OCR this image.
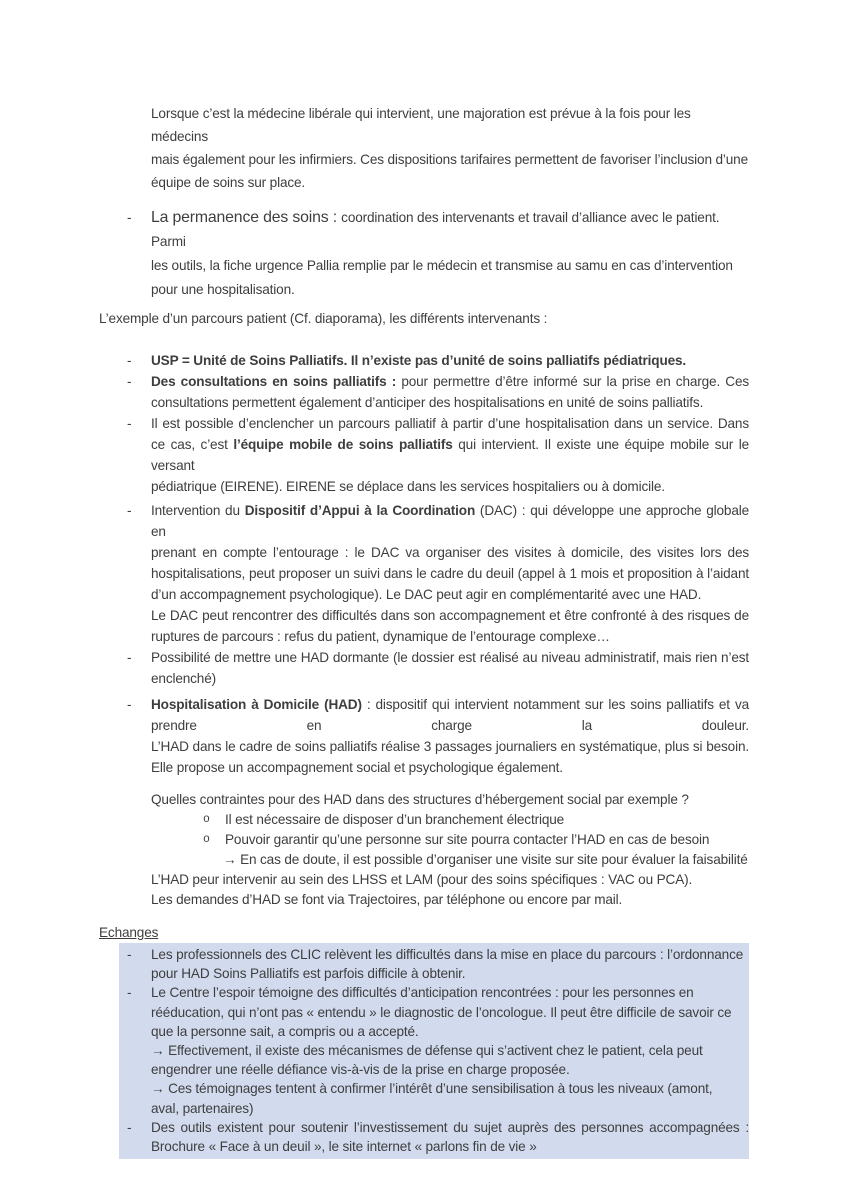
Lorsque c’est la médecine libérale qui intervient, une majoration est prévue à la fois pour les médecins
mais également pour les infirmiers. Ces dispositions tarifaires permettent de favoriser l’inclusion d’une
équipe de soins sur place.
- La permanence des soins : coordination des intervenants et travail d’alliance avec le patient. Parmi
les outils, la fiche urgence Pallia remplie par le médecin et transmise au samu en cas d’intervention
pour une hospitalisation.
L’exemple d’un parcours patient (Cf. diaporama), les différents intervenants :
- USP = Unité de Soins Palliatifs. Il n’existe pas d’unité de soins palliatifs pédiatriques.
- Des consultations en soins palliatifs : pour permettre d’être informé sur la prise en charge. Ces
consultations permettent également d’anticiper des hospitalisations en unité de soins palliatifs.
- Il est possible d’enclencher un parcours palliatif à partir d’une hospitalisation dans un service. Dans
ce cas, c’est l’équipe mobile de soins palliatifs qui intervient. Il existe une équipe mobile sur le versant
pédiatrique (EIRENE). EIRENE se déplace dans les services hospitaliers ou à domicile.
- Intervention du Dispositif d’Appui à la Coordination (DAC) : qui développe une approche globale en
prenant en compte l’entourage : le DAC va organiser des visites à domicile, des visites lors des
hospitalisations, peut proposer un suivi dans le cadre du deuil (appel à 1 mois et proposition à l’aidant
d’un accompagnement psychologique). Le DAC peut agir en complémentarité avec une HAD.
Le DAC peut rencontrer des difficultés dans son accompagnement et être confronté à des risques de
ruptures de parcours : refus du patient, dynamique de l’entourage complexe…
- Possibilité de mettre une HAD dormante (le dossier est réalisé au niveau administratif, mais rien n’est
enclenché)
- Hospitalisation à Domicile (HAD) : dispositif qui intervient notamment sur les soins palliatifs et va
prendre en charge la douleur.
L’HAD dans le cadre de soins palliatifs réalise 3 passages journaliers en systématique, plus si besoin.
Elle propose un accompagnement social et psychologique également.
Quelles contraintes pour des HAD dans des structures d’hébergement social par exemple ?
o Il est nécessaire de disposer d’un branchement électrique
o Pouvoir garantir qu’une personne sur site pourra contacter l’HAD en cas de besoin
→ En cas de doute, il est possible d’organiser une visite sur site pour évaluer la faisabilité
L’HAD peur intervenir au sein des LHSS et LAM (pour des soins spécifiques : VAC ou PCA).
Les demandes d’HAD se font via Trajectoires, par téléphone ou encore par mail.
Echanges
- Les professionnels des CLIC relèvent les difficultés dans la mise en place du parcours : l’ordonnance
pour HAD Soins Palliatifs est parfois difficile à obtenir.
- Le Centre l’espoir témoigne des difficultés d’anticipation rencontrées : pour les personnes en
rééducation, qui n’ont pas « entendu » le diagnostic de l’oncologue. Il peut être difficile de savoir ce
que la personne sait, a compris ou a accepté.
→ Effectivement, il existe des mécanismes de défense qui s’activent chez le patient, cela peut
engendrer une réelle défiance vis-à-vis de la prise en charge proposée.
→ Ces témoignages tentent à confirmer l’intérêt d’une sensibilisation à tous les niveaux (amont,
aval, partenaires)
- Des outils existent pour soutenir l’investissement du sujet auprès des personnes accompagnées :
Brochure « Face à un deuil », le site internet « parlons fin de vie »
